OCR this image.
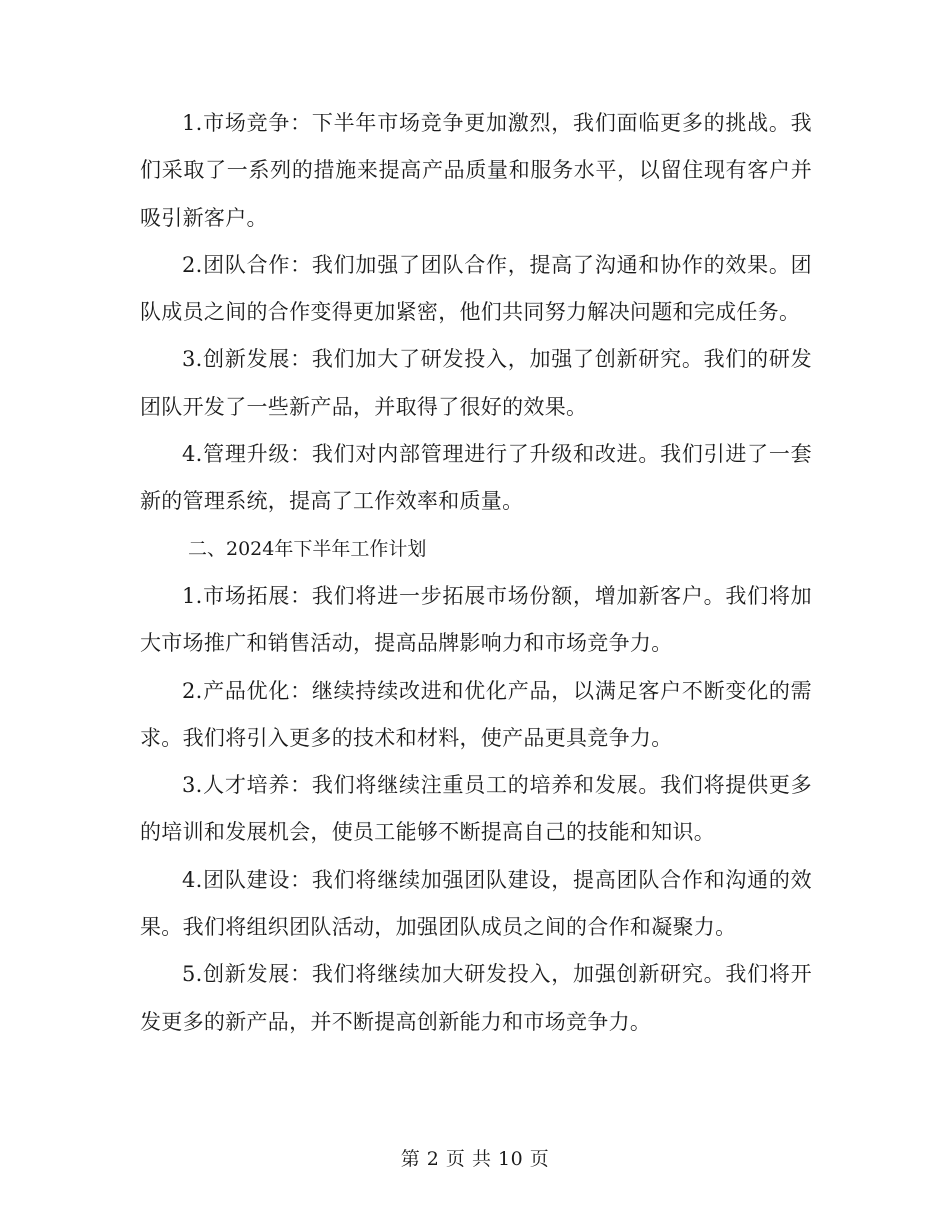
1.市场竞争：下半年市场竞争更加激烈，我们面临更多的挑战。我们采取了一系列的措施来提高产品质量和服务水平，以留住现有客户并吸引新客户。

2.团队合作：我们加强了团队合作，提高了沟通和协作的效果。团队成员之间的合作变得更加紧密，他们共同努力解决问题和完成任务。

3.创新发展：我们加大了研发投入，加强了创新研究。我们的研发团队开发了一些新产品，并取得了很好的效果。

4.管理升级：我们对内部管理进行了升级和改进。我们引进了一套新的管理系统，提高了工作效率和质量。

二、2024年下半年工作计划

1.市场拓展：我们将进一步拓展市场份额，增加新客户。我们将加大市场推广和销售活动，提高品牌影响力和市场竞争力。

2.产品优化：继续持续改进和优化产品，以满足客户不断变化的需求。我们将引入更多的技术和材料，使产品更具竞争力。

3.人才培养：我们将继续注重员工的培养和发展。我们将提供更多的培训和发展机会，使员工能够不断提高自己的技能和知识。

4.团队建设：我们将继续加强团队建设，提高团队合作和沟通的效果。我们将组织团队活动，加强团队成员之间的合作和凝聚力。

5.创新发展：我们将继续加大研发投入，加强创新研究。我们将开发更多的新产品，并不断提高创新能力和市场竞争力。

第 2 页 共 10 页
